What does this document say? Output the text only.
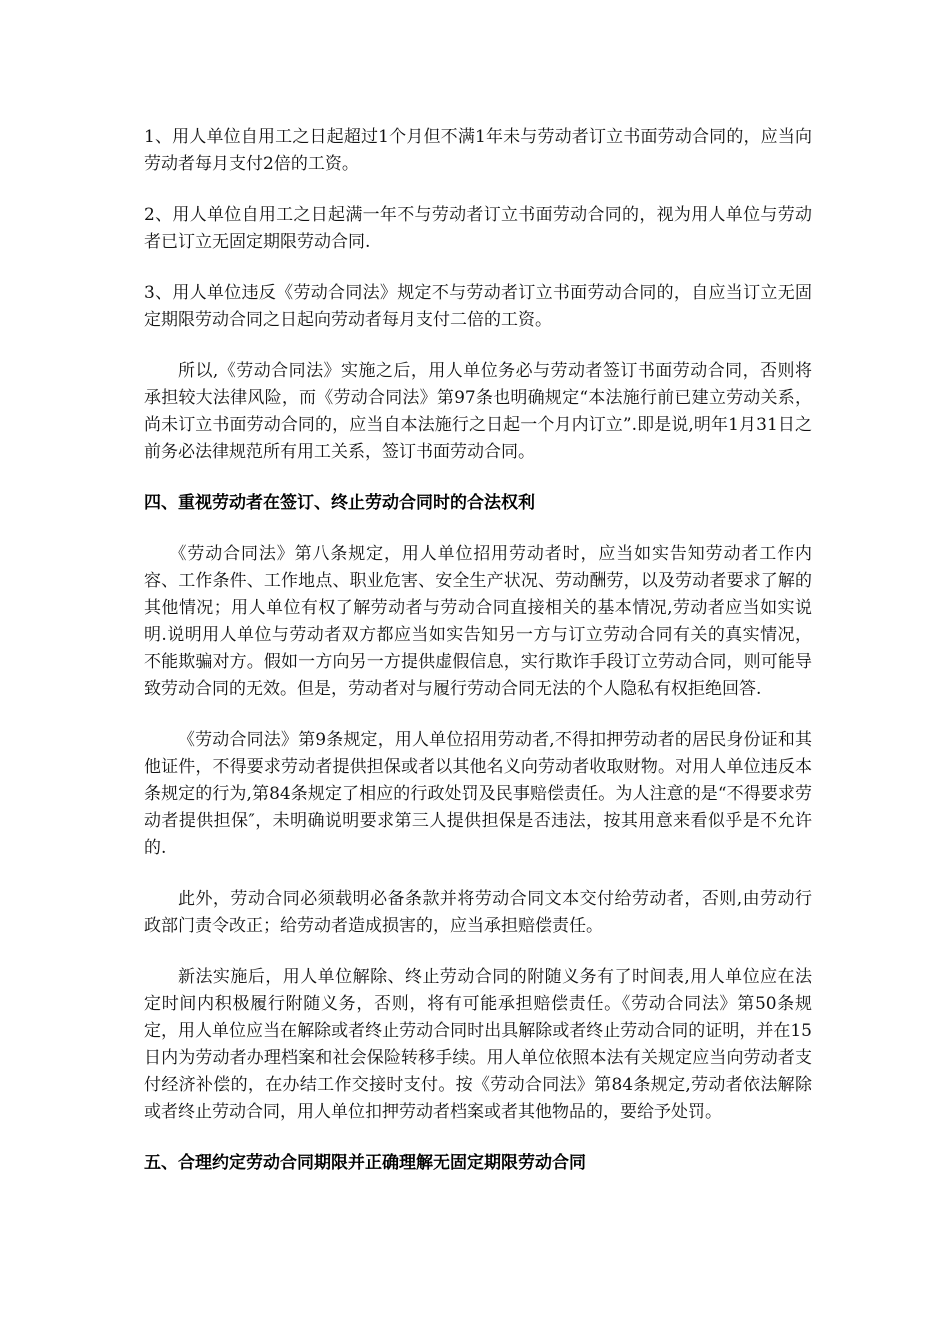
1、用人单位自用工之日起超过1个月但不满1年未与劳动者订立书面劳动合同的，应当向劳动者每月支付2倍的工资。

2、用人单位自用工之日起满一年不与劳动者订立书面劳动合同的，视为用人单位与劳动者已订立无固定期限劳动合同.

3、用人单位违反《劳动合同法》规定不与劳动者订立书面劳动合同的，自应当订立无固定期限劳动合同之日起向劳动者每月支付二倍的工资。

所以,《劳动合同法》实施之后，用人单位务必与劳动者签订书面劳动合同，否则将承担较大法律风险，而《劳动合同法》第97条也明确规定“本法施行前已建立劳动关系，尚未订立书面劳动合同的，应当自本法施行之日起一个月内订立”.即是说,明年1月31日之前务必法律规范所有用工关系，签订书面劳动合同。

四、重视劳动者在签订、终止劳动合同时的合法权利

《劳动合同法》第八条规定，用人单位招用劳动者时，应当如实告知劳动者工作内容、工作条件、工作地点、职业危害、安全生产状况、劳动酬劳，以及劳动者要求了解的其他情况；用人单位有权了解劳动者与劳动合同直接相关的基本情况,劳动者应当如实说明.说明用人单位与劳动者双方都应当如实告知另一方与订立劳动合同有关的真实情况，不能欺骗对方。假如一方向另一方提供虚假信息，实行欺诈手段订立劳动合同，则可能导致劳动合同的无效。但是，劳动者对与履行劳动合同无法的个人隐私有权拒绝回答.

《劳动合同法》第9条规定，用人单位招用劳动者,不得扣押劳动者的居民身份证和其他证件，不得要求劳动者提供担保或者以其他名义向劳动者收取财物。对用人单位违反本条规定的行为,第84条规定了相应的行政处罚及民事赔偿责任。为人注意的是“不得要求劳动者提供担保″，未明确说明要求第三人提供担保是否违法，按其用意来看似乎是不允许的.

此外，劳动合同必须载明必备条款并将劳动合同文本交付给劳动者，否则,由劳动行政部门责令改正；给劳动者造成损害的，应当承担赔偿责任。

新法实施后，用人单位解除、终止劳动合同的附随义务有了时间表,用人单位应在法定时间内积极履行附随义务，否则，将有可能承担赔偿责任。《劳动合同法》第50条规定，用人单位应当在解除或者终止劳动合同时出具解除或者终止劳动合同的证明，并在15日内为劳动者办理档案和社会保险转移手续。用人单位依照本法有关规定应当向劳动者支付经济补偿的，在办结工作交接时支付。按《劳动合同法》第84条规定,劳动者依法解除或者终止劳动合同，用人单位扣押劳动者档案或者其他物品的，要给予处罚。

五、合理约定劳动合同期限并正确理解无固定期限劳动合同
